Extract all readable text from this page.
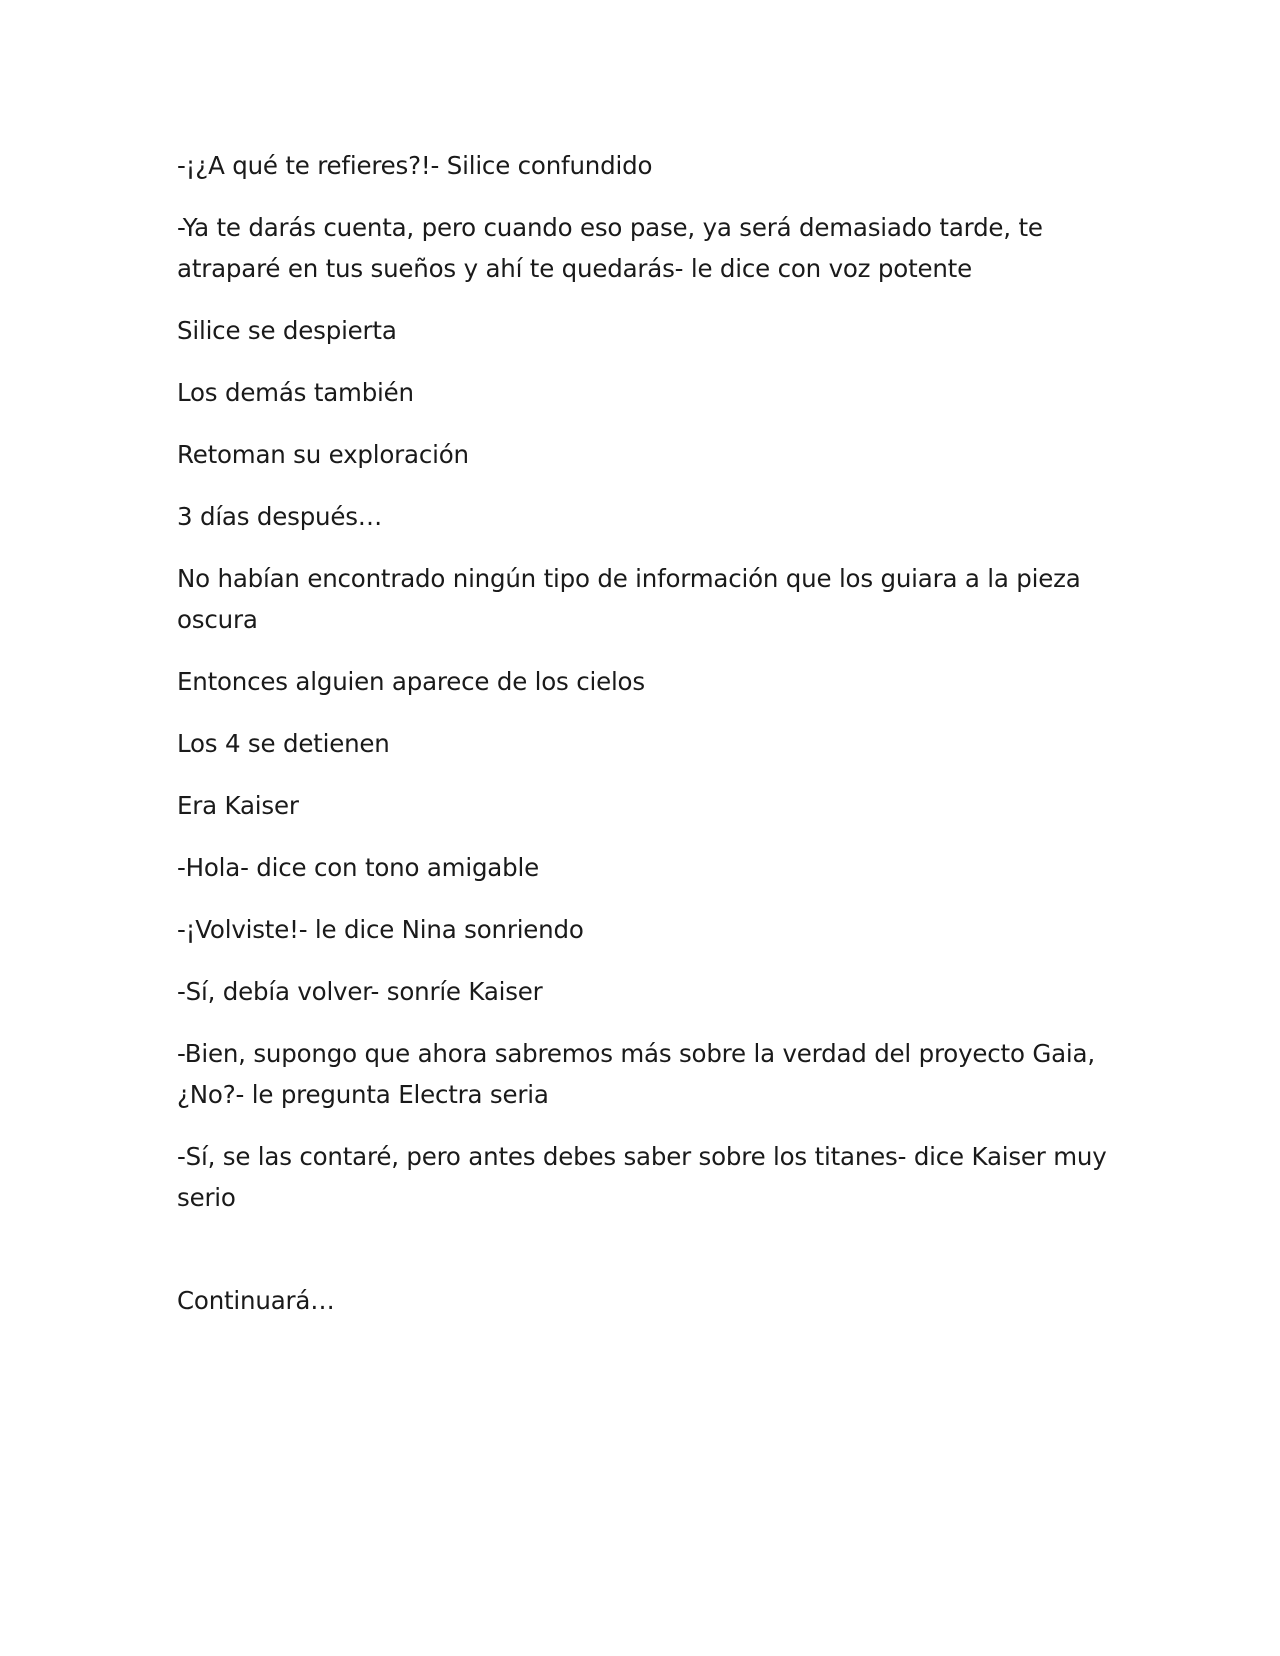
-¡¿A qué te refieres?!- Silice confundido

-Ya te darás cuenta, pero cuando eso pase, ya será demasiado tarde, te atraparé en tus sueños y ahí te quedarás- le dice con voz potente

Silice se despierta

Los demás también

Retoman su exploración

3 días después…

No habían encontrado ningún tipo de información que los guiara a la pieza oscura

Entonces alguien aparece de los cielos

Los 4 se detienen

Era Kaiser

-Hola- dice con tono amigable

-¡Volviste!- le dice Nina sonriendo

-Sí, debía volver- sonríe Kaiser

-Bien, supongo que ahora sabremos más sobre la verdad del proyecto Gaia, ¿No?- le pregunta Electra seria

-Sí, se las contaré, pero antes debes saber sobre los titanes- dice Kaiser muy serio

Continuará…
